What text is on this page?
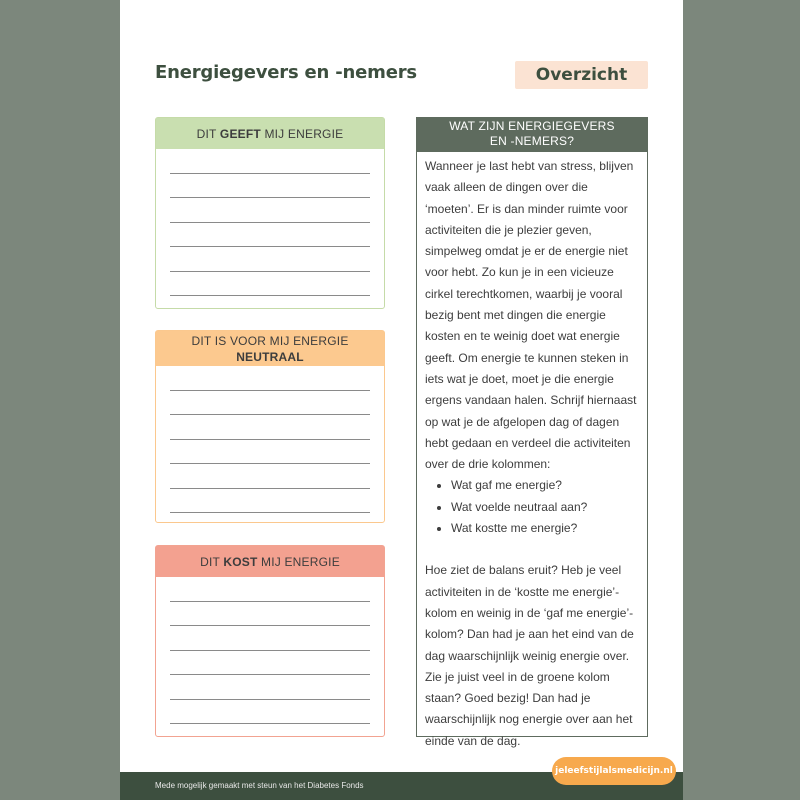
Energiegevers en -nemers	Overzicht
DIT GEEFT MIJ ENERGIE
DIT IS VOOR MIJ ENERGIE
NEUTRAAL
DIT KOST MIJ ENERGIE
WAT ZIJN ENERGIEGEVERS
EN -NEMERS?

Wanneer je last hebt van stress, blijven vaak alleen de dingen over die ‘moeten’. Er is dan minder ruimte voor activiteiten die je plezier geven, simpelweg omdat je er de energie niet voor hebt. Zo kun je in een vicieuze cirkel terechtkomen, waarbij je vooral bezig bent met dingen die energie kosten en te weinig doet wat energie geeft. Om energie te kunnen steken in iets wat je doet, moet je die energie ergens vandaan halen. Schrijf hiernaast op wat je de afgelopen dag of dagen hebt gedaan en verdeel die activiteiten over de drie kolommen:

• Wat gaf me energie?
• Wat voelde neutraal aan?
• Wat kostte me energie?

Hoe ziet de balans eruit? Heb je veel activiteiten in de ‘kostte me energie’-kolom en weinig in de ‘gaf me energie’-kolom? Dan had je aan het eind van de dag waarschijnlijk weinig energie over. Zie je juist veel in de groene kolom staan? Goed bezig! Dan had je waarschijnlijk nog energie over aan het einde van de dag.

Mede mogelijk gemaakt met steun van het Diabetes Fonds
jeleefstijlalsmedicijn.nl
